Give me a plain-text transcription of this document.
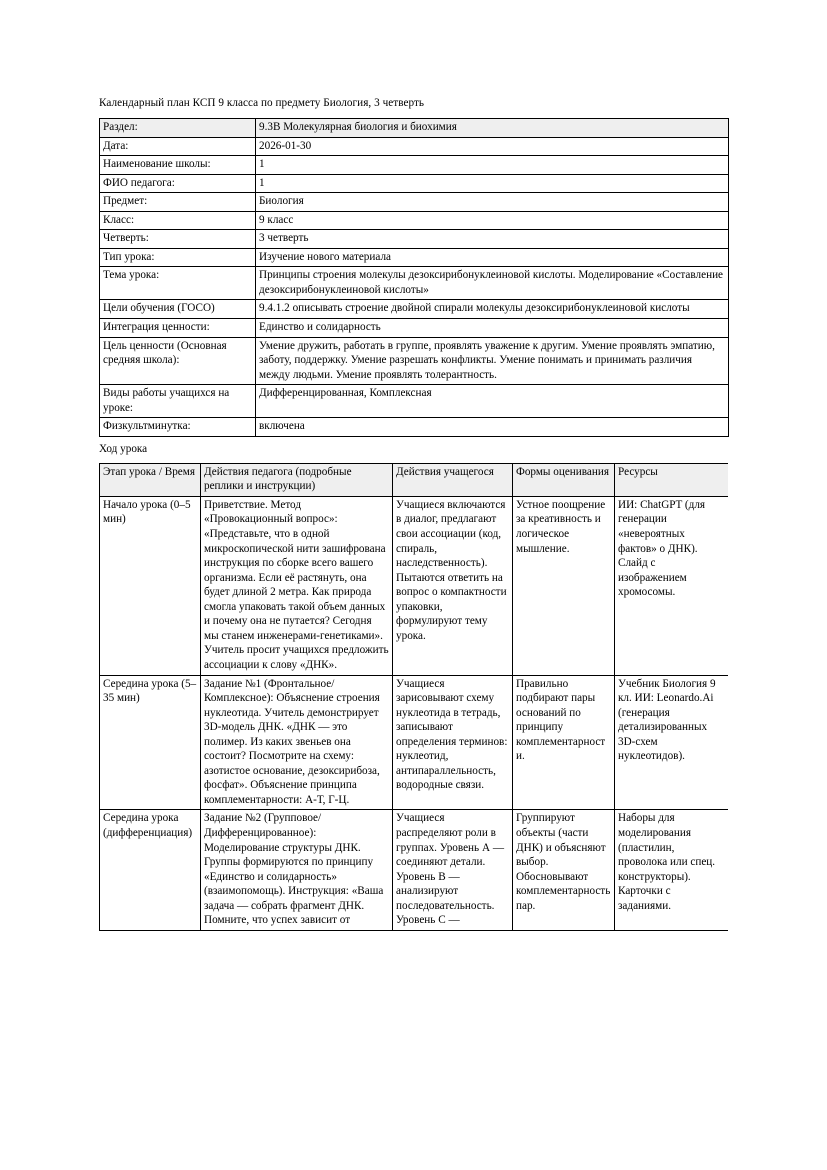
Календарный план КСП 9 класса по предмету Биология, 3 четверть

Раздел:	9.3В Молекулярная биология и биохимия
Дата:	2026-01-30
Наименование школы:	1
ФИО педагога:	1
Предмет:	Биология
Класс:	9 класс
Четверть:	3 четверть
Тип урока:	Изучение нового материала
Тема урока:	Принципы строения молекулы дезоксирибонуклеиновой кислоты. Моделирование «Составление дезоксирибонуклеиновой кислоты»
Цели обучения (ГОСО)	9.4.1.2 описывать строение двойной спирали молекулы дезоксирибонуклеиновой кислоты
Интеграция ценности:	Единство и солидарность
Цель ценности (Основная средняя школа):	Умение дружить, работать в группе, проявлять уважение к другим. Умение проявлять эмпатию, заботу, поддержку. Умение разрешать конфликты. Умение понимать и принимать различия между людьми. Умение проявлять толерантность.
Виды работы учащихся на уроке:	Дифференцированная, Комплексная
Физкультминутка:	включена

Ход урока

Этап урока / Время	Действия педагога (подробные реплики и инструкции)	Действия учащегося	Формы оценивания	Ресурсы
Начало урока (0–5 мин)	Приветствие. Метод «Провокационный вопрос»: «Представьте, что в одной микроскопической нити зашифрована инструкция по сборке всего вашего организма. Если её растянуть, она будет длиной 2 метра. Как природа смогла упаковать такой объем данных и почему она не путается? Сегодня мы станем инженерами-генетиками». Учитель просит учащихся предложить ассоциации к слову «ДНК».	Учащиеся включаются в диалог, предлагают свои ассоциации (код, спираль, наследственность). Пытаются ответить на вопрос о компактности упаковки, формулируют тему урока.	Устное поощрение за креативность и логическое мышление.	ИИ: ChatGPT (для генерации «невероятных фактов» о ДНК). Слайд с изображением хромосомы.
Середина урока (5–35 мин)	Задание №1 (Фронтальное/Комплексное): Объяснение строения нуклеотида. Учитель демонстрирует 3D-модель ДНК. «ДНК — это полимер. Из каких звеньев она состоит? Посмотрите на схему: азотистое основание, дезоксирибоза, фосфат». Объяснение принципа комплементарности: А-Т, Г-Ц.	Учащиеся зарисовывают схему нуклеотида в тетрадь, записывают определения терминов: нуклеотид, антипараллельность, водородные связи.	Правильно подбирают пары оснований по принципу комплементарности.	Учебник Биология 9 кл. ИИ: Leonardo.Ai (генерация детализированных 3D-схем нуклеотидов).
Середина урока (дифференциация)	Задание №2 (Групповое/Дифференцированное): Моделирование структуры ДНК. Группы формируются по принципу «Единство и солидарность» (взаимопомощь). Инструкция: «Ваша задача — собрать фрагмент ДНК. Помните, что успех зависит от	Учащиеся распределяют роли в группах. Уровень А — соединяют детали. Уровень В — анализируют последовательность. Уровень С —	Группируют объекты (части ДНК) и объясняют выбор. Обосновывают комплементарность пар.	Наборы для моделирования (пластилин, проволока или спец. конструкторы). Карточки с заданиями.
